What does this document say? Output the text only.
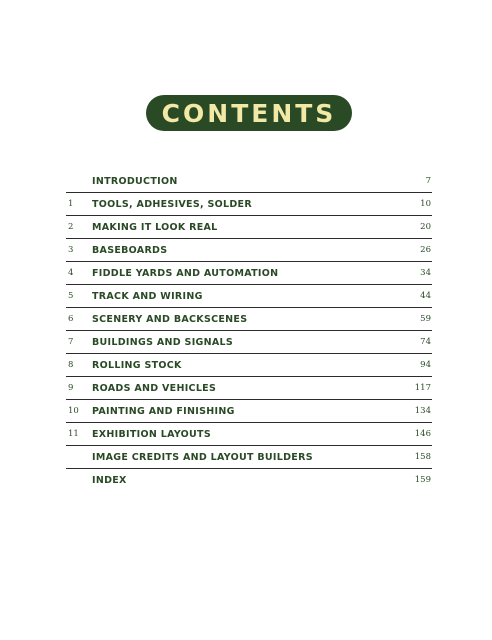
CONTENTS
INTRODUCTION	7
1 TOOLS, ADHESIVES, SOLDER	10
2 MAKING IT LOOK REAL	20
3 BASEBOARDS	26
4 FIDDLE YARDS AND AUTOMATION	34
5 TRACK AND WIRING	44
6 SCENERY AND BACKSCENES	59
7 BUILDINGS AND SIGNALS	74
8 ROLLING STOCK	94
9 ROADS AND VEHICLES	117
10 PAINTING AND FINISHING	134
11 EXHIBITION LAYOUTS	146
IMAGE CREDITS AND LAYOUT BUILDERS	158
INDEX	159
